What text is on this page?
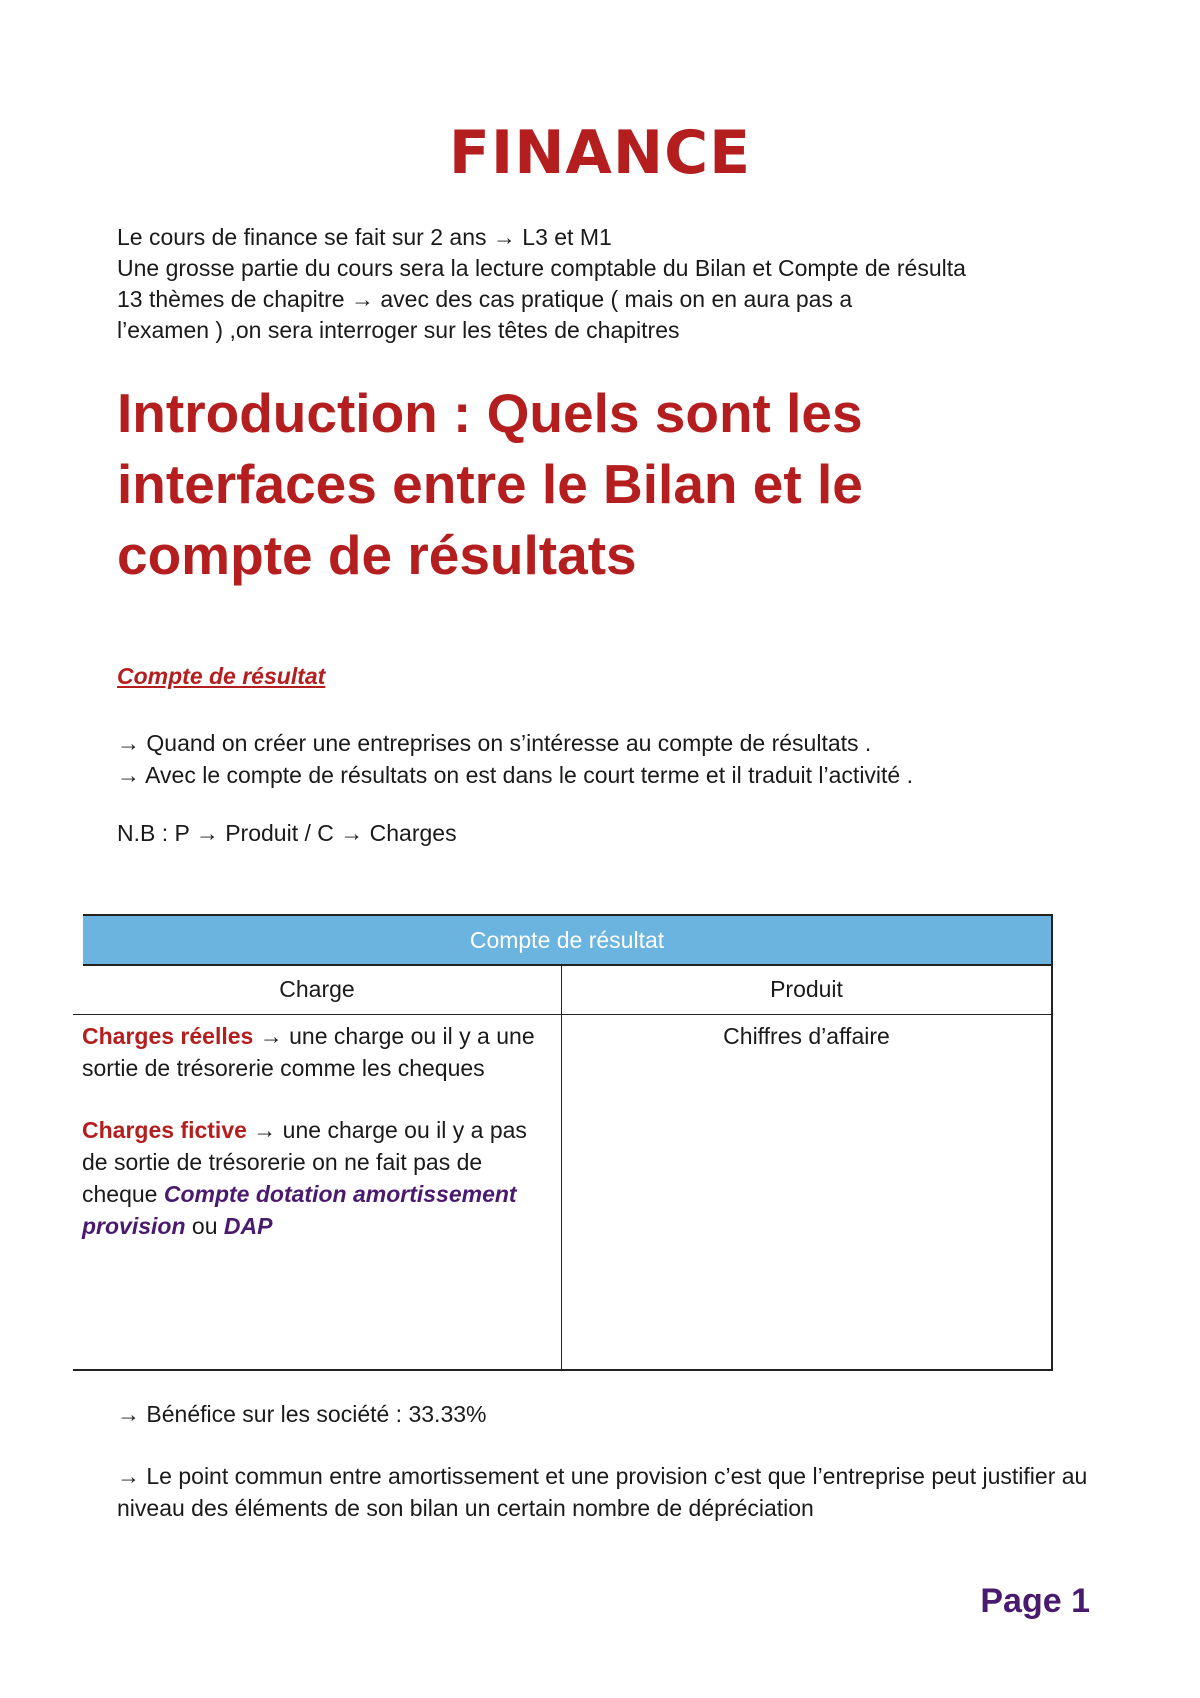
FINANCE

Le cours de finance se fait sur 2 ans → L3 et M1

Une grosse partie du cours sera la lecture comptable du Bilan et Compte de résulta

13 thèmes de chapitre → avec des cas pratique ( mais on en aura pas a

l’examen ) ,on sera interroger sur les têtes de chapitres

Introduction : Quels sont les
interfaces entre le Bilan et le
compte de résultats
Compte de résultat

→ Quand on créer une entreprises on s’intéresse au compte de résultats .

→ Avec le compte de résultats on est dans le court terme et il traduit l’activité .

N.B : P → Produit / C → Charges

Compte de résultat
Charge	Produit

Charges réelles → une charge ou il y a une sortie de trésorerie comme les cheques

Charges fictive → une charge ou il y a pas de sortie de trésorerie on ne fait pas de cheque Compte dotation amortissement provision ou DAP

Chiffres d’affaire

→ Bénéfice sur les société : 33.33%

→ Le point commun entre amortissement et une provision c’est que l’entreprise peut justifier au niveau des éléments de son bilan un certain nombre de dépréciation

Page 1
